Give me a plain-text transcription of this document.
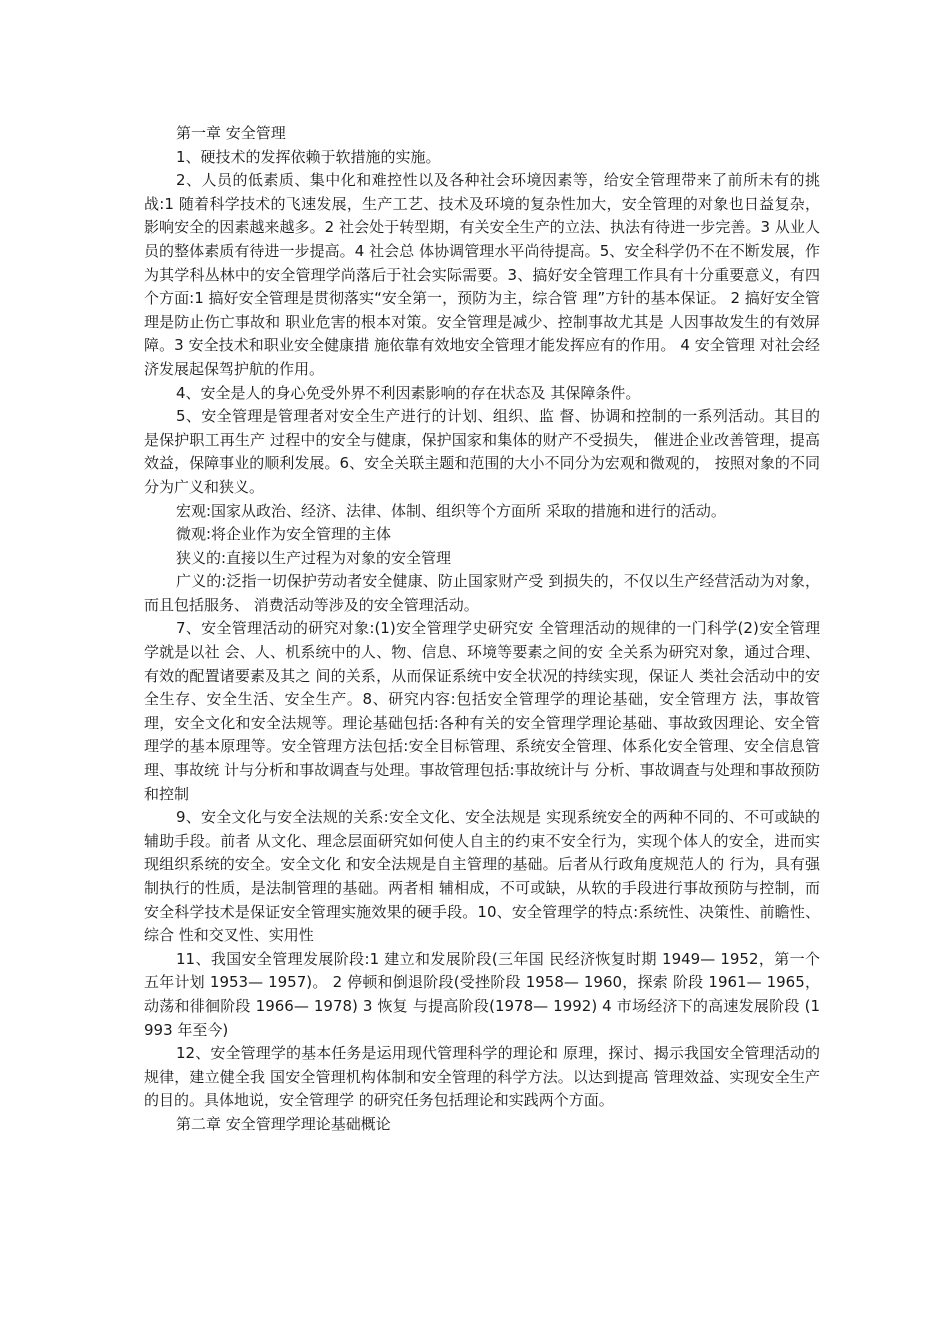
第一章 安全管理

1、硬技术的发挥依赖于软措施的实施。

2、人员的低素质、集中化和难控性以及各种社会环境因素等，给安全管理带来了前所未有的挑战:1 随着科学技术的飞速发展，生产工艺、技术及环境的复杂性加大，安全管理的对象也日益复杂，影响安全的因素越来越多。2 社会处于转型期，有关安全生产的立法、执法有待进一步完善。3 从业人员的整体素质有待进一步提高。4 社会总 体协调管理水平尚待提高。5、安全科学仍不在不断发展，作为其学科丛林中的安全管理学尚落后于社会实际需要。3、搞好安全管理工作具有十分重要意义，有四个方面:1 搞好安全管理是贯彻落实“安全第一，预防为主，综合管 理”方针的基本保证。 2 搞好安全管理是防止伤亡事故和 职业危害的根本对策。安全管理是减少、控制事故尤其是 人因事故发生的有效屏障。3 安全技术和职业安全健康措 施依靠有效地安全管理才能发挥应有的作用。 4 安全管理 对社会经济发展起保驾护航的作用。

4、安全是人的身心免受外界不利因素影响的存在状态及 其保障条件。

5、安全管理是管理者对安全生产进行的计划、组织、监 督、协调和控制的一系列活动。其目的是保护职工再生产 过程中的安全与健康，保护国家和集体的财产不受损失， 催进企业改善管理，提高效益，保障事业的顺利发展。6、安全关联主题和范围的大小不同分为宏观和微观的， 按照对象的不同分为广义和狭义。

宏观:国家从政治、经济、法律、体制、组织等个方面所 采取的措施和进行的活动。

微观:将企业作为安全管理的主体

狭义的:直接以生产过程为对象的安全管理

广义的:泛指一切保护劳动者安全健康、防止国家财产受 到损失的，不仅以生产经营活动为对象，而且包括服务、 消费活动等涉及的安全管理活动。

7、安全管理活动的研究对象:(1)安全管理学史研究安 全管理活动的规律的一门科学(2)安全管理学就是以社 会、人、机系统中的人、物、信息、环境等要素之间的安 全关系为研究对象，通过合理、有效的配置诸要素及其之 间的关系，从而保证系统中安全状况的持续实现，保证人 类社会活动中的安全生存、安全生活、安全生产。8、研究内容:包括安全管理学的理论基础，安全管理方 法，事故管理，安全文化和安全法规等。理论基础包括:各种有关的安全管理学理论基础、事故致因理论、安全管 理学的基本原理等。安全管理方法包括:安全目标管理、系统安全管理、体系化安全管理、安全信息管理、事故统 计与分析和事故调查与处理。事故管理包括:事故统计与 分析、事故调查与处理和事故预防和控制

9、安全文化与安全法规的关系:安全文化、安全法规是 实现系统安全的两种不同的、不可或缺的辅助手段。前者 从文化、理念层面研究如何使人自主的约束不安全行为，实现个体人的安全，进而实现组织系统的安全。安全文化 和安全法规是自主管理的基础。后者从行政角度规范人的 行为，具有强制执行的性质，是法制管理的基础。两者相 辅相成，不可或缺，从软的手段进行事故预防与控制，而 安全科学技术是保证安全管理实施效果的硬手段。10、安全管理学的特点:系统性、决策性、前瞻性、综合 性和交叉性、实用性

11、我国安全管理发展阶段:1 建立和发展阶段(三年国 民经济恢复时期 1949— 1952，第一个五年计划 1953— 1957)。 2 停顿和倒退阶段(受挫阶段 1958— 1960，探索 阶段 1961— 1965，动荡和徘徊阶段 1966— 1978) 3 恢复 与提高阶段(1978— 1992) 4 市场经济下的高速发展阶段 (1993 年至今)

12、安全管理学的基本任务是运用现代管理科学的理论和 原理，探讨、揭示我国安全管理活动的规律，建立健全我 国安全管理机构体制和安全管理的科学方法。以达到提高 管理效益、实现安全生产的目的。具体地说，安全管理学 的研究任务包括理论和实践两个方面。

第二章 安全管理学理论基础概论
